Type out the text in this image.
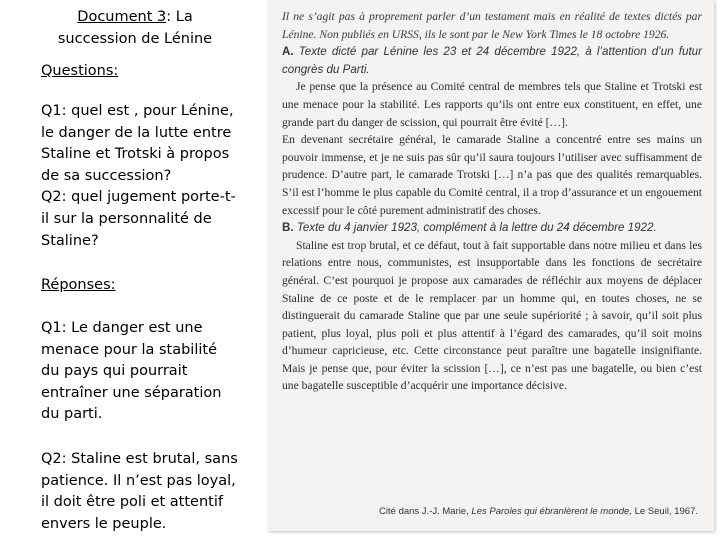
Document 3: La
succession de Lénine
Questions:
Q1: quel est , pour Lénine,
le danger de la lutte entre
Staline et Trotski à propos
de sa succession?
Q2: quel jugement porte-t-
il sur la personnalité de
Staline?
Réponses:
Q1: Le danger est une
menace pour la stabilité
du pays qui pourrait
entraîner une séparation
du parti.
Q2: Staline est brutal, sans
patience. Il n’est pas loyal,
il doit être poli et attentif
envers le peuple.

Il ne s’agit pas à proprement parler d’un testament mais en réalité de textes dictés par Lénine. Non publiés en URSS, ils le sont par le New York Times le 18 octobre 1926.

A. Texte dicté par Lénine les 23 et 24 décembre 1922, à l’attention d’un futur congrès du Parti.

Je pense que la présence au Comité central de membres tels que Staline et Trotski est une menace pour la stabilité. Les rapports qu’ils ont entre eux constituent, en effet, une grande part du danger de scission, qui pourrait être évité […].

En devenant secrétaire général, le camarade Staline a concentré entre ses mains un pouvoir immense, et je ne suis pas sûr qu’il saura toujours l’utiliser avec suffisamment de prudence. D’autre part, le camarade Trotski […] n’a pas que des qualités remarquables. S’il est l’homme le plus capable du Comité central, il a trop d’assurance et un engouement excessif pour le côté purement administratif des choses.

B. Texte du 4 janvier 1923, complément à la lettre du 24 décembre 1922.

Staline est trop brutal, et ce défaut, tout à fait supportable dans notre milieu et dans les relations entre nous, communistes, est insupportable dans les fonctions de secrétaire général. C’est pourquoi je propose aux camarades de réfléchir aux moyens de déplacer Staline de ce poste et de le remplacer par un homme qui, en toutes choses, ne se distinguerait du camarade Staline que par une seule supériorité ; à savoir, qu’il soit plus patient, plus loyal, plus poli et plus attentif à l’égard des camarades, qu’il soit moins d’humeur capricieuse, etc. Cette circonstance peut paraître une bagatelle insignifiante. Mais je pense que, pour éviter la scission […], ce n’est pas une bagatelle, ou bien c’est une bagatelle susceptible d’acquérir une importance décisive.

Cité dans J.-J. Marie, Les Paroles qui ébranlèrent le monde, Le Seuil, 1967.
